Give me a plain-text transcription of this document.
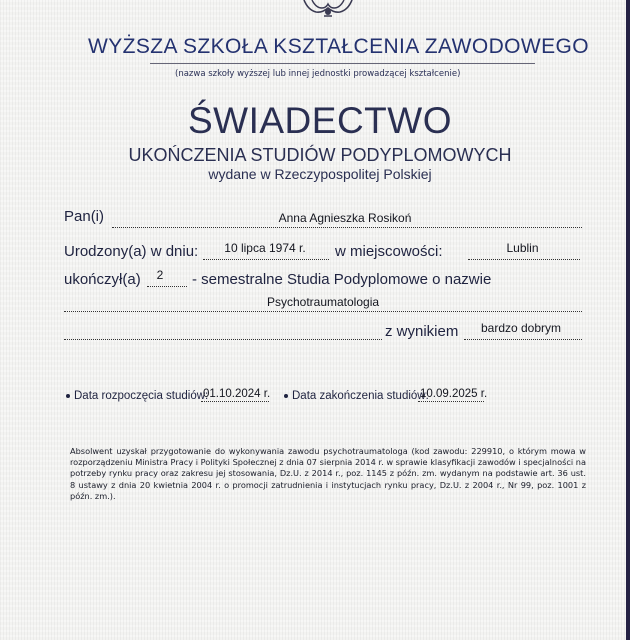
WYŻSZA SZKOŁA KSZTAŁCENIA ZAWODOWEGO
(nazwa szkoły wyższej lub innej jednostki prowadzącej kształcenie)
ŚWIADECTWO
UKOŃCZENIA STUDIÓW PODYPLOMOWYCH
wydane w Rzeczypospolitej Polskiej
Pan(i)	Anna Agnieszka Rosikoń
Urodzony(a) w dniu:	10 lipca 1974 r.	w miejscowości:	Lublin
ukończył(a)	2	- semestralne Studia Podyplomowe o nazwie
Psychotraumatologia
z wynikiem	bardzo dobrym
Data rozpoczęcia studiów:
01.10.2024 r.	Data zakończenia studiów:
10.09.2025 r.
Absolwent uzyskał przygotowanie do wykonywania zawodu psychotraumatologa (kod zawodu: 229910, o którym mowa w rozporządzeniu Ministra Pracy i Polityki Społecznej z dnia 07 sierpnia 2014 r. w sprawie klasyfikacji zawodów i specjalności na potrzeby rynku pracy oraz zakresu jej stosowania, Dz.U. z 2014 r., poz. 1145 z późn. zm. wydanym na podstawie art. 36 ust. 8 ustawy z dnia 20 kwietnia 2004 r. o promocji zatrudnienia i instytucjach rynku pracy, Dz.U. z 2004 r., Nr 99, poz. 1001 z późn. zm.).
